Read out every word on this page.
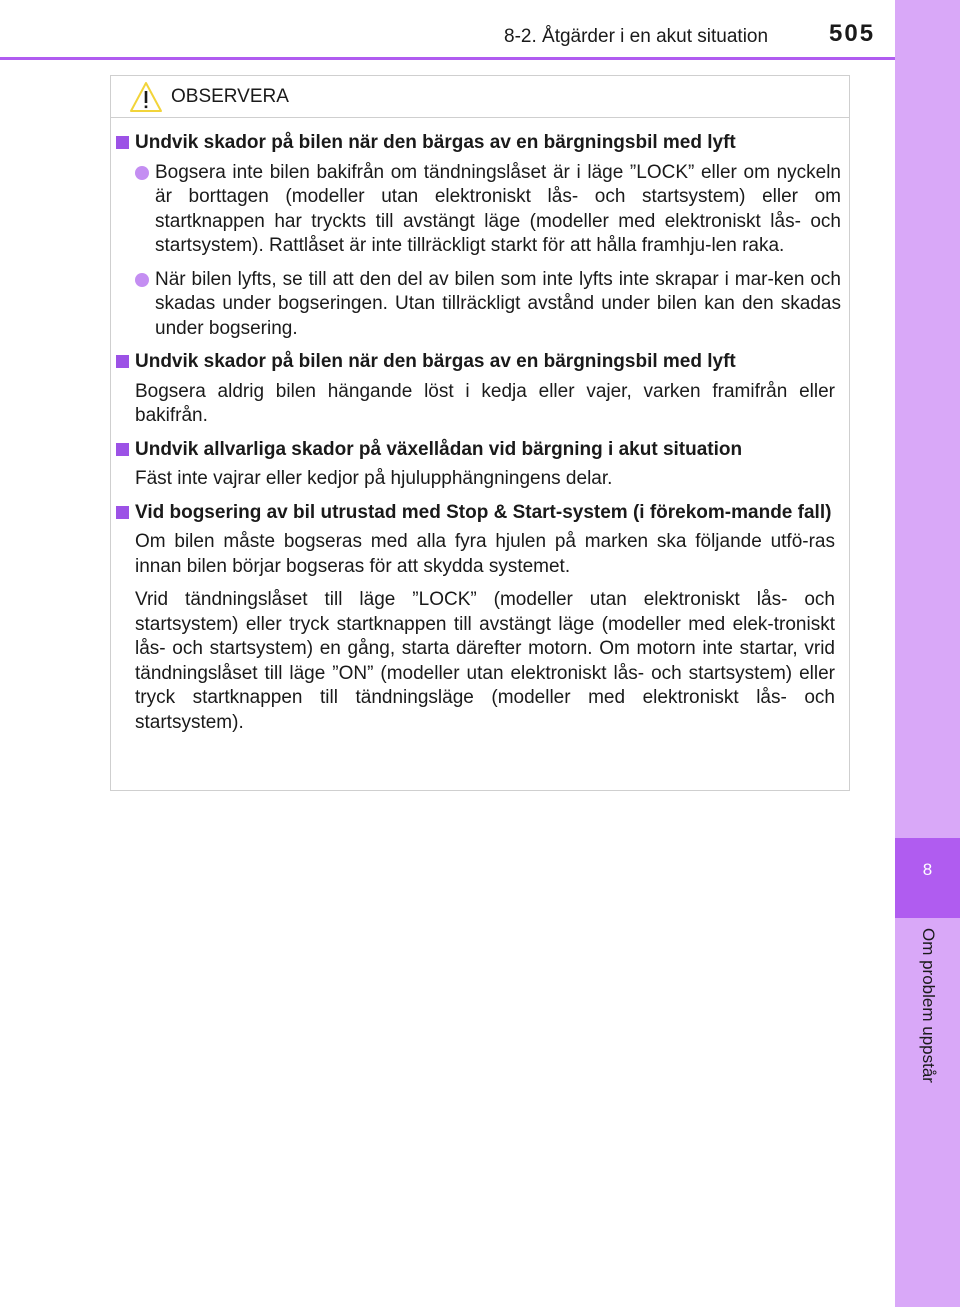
8-2. Åtgärder i en akut situation	505
8
Om problem uppstår
OBSERVERA
Undvik skador på bilen när den bärgas av en bärgningsbil med lyft
Bogsera inte bilen bakifrån om tändningslåset är i läge ”LOCK” eller om nyckeln är borttagen (modeller utan elektroniskt lås- och startsystem) eller om startknappen har tryckts till avstängt läge (modeller med elektroniskt lås- och startsystem). Rattlåset är inte tillräckligt starkt för att hålla framhju-len raka.
När bilen lyfts, se till att den del av bilen som inte lyfts inte skrapar i mar-ken och skadas under bogseringen. Utan tillräckligt avstånd under bilen kan den skadas under bogsering.
Undvik skador på bilen när den bärgas av en bärgningsbil med lyft
Bogsera aldrig bilen hängande löst i kedja eller vajer, varken framifrån eller bakifrån.
Undvik allvarliga skador på växellådan vid bärgning i akut situation
Fäst inte vajrar eller kedjor på hjulupphängningens delar.
Vid bogsering av bil utrustad med Stop & Start-system (i förekom-mande fall)
Om bilen måste bogseras med alla fyra hjulen på marken ska följande utfö-ras innan bilen börjar bogseras för att skydda systemet.
Vrid tändningslåset till läge ”LOCK” (modeller utan elektroniskt lås- och startsystem) eller tryck startknappen till avstängt läge (modeller med elek-troniskt lås- och startsystem) en gång, starta därefter motorn. Om motorn inte startar, vrid tändningslåset till läge ”ON” (modeller utan elektroniskt lås- och startsystem) eller tryck startknappen till tändningsläge (modeller med elektroniskt lås- och startsystem).
